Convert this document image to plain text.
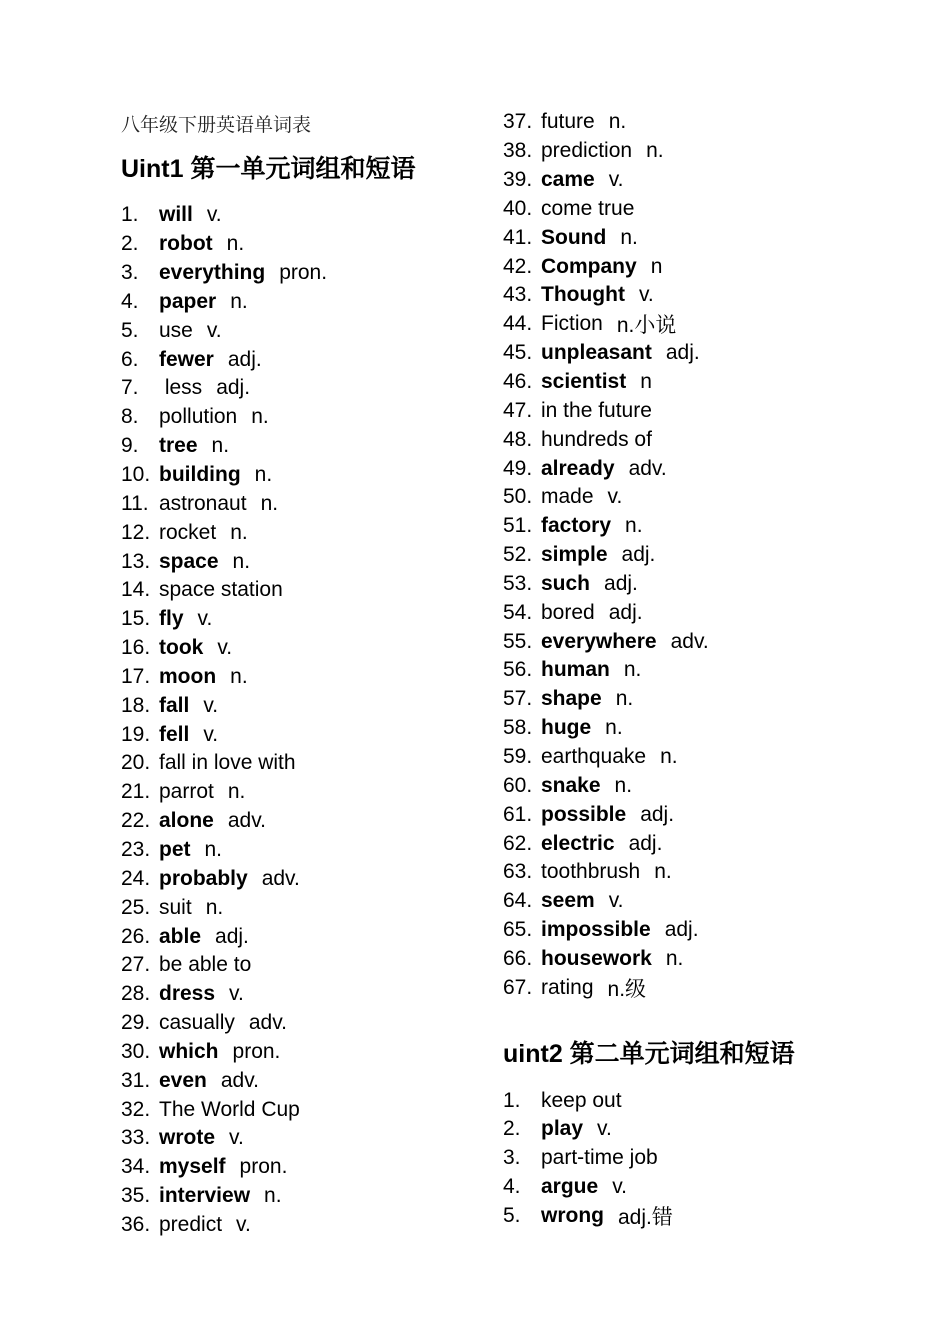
八年级下册英语单词表
Uint1 第一单元词组和短语
1. will v.
2. robot n.
3. everything pron.
4. paper n.
5. use v.
6. fewer adj.
7. less adj.
8. pollution n.
9. tree n.
10. building n.
11. astronaut n.
12. rocket n.
13. space n.
14. space station
15. fly v.
16. took v.
17. moon n.
18. fall v.
19. fell v.
20. fall in love with
21. parrot n.
22. alone adv.
23. pet n.
24. probably adv.
25. suit n.
26. able adj.
27. be able to
28. dress v.
29. casually adv.
30. which pron.
31. even adv.
32. The World Cup
33. wrote v.
34. myself pron.
35. interview n.
36. predict v.
37. future n.
38. prediction n.
39. came v.
40. come true
41. Sound n.
42. Company n
43. Thought v.
44. Fiction n.小说
45. unpleasant adj.
46. scientist n
47. in the future
48. hundreds of
49. already adv.
50. made v.
51. factory n.
52. simple adj.
53. such adj.
54. bored adj.
55. everywhere adv.
56. human n.
57. shape n.
58. huge n.
59. earthquake n.
60. snake n.
61. possible adj.
62. electric adj.
63. toothbrush n.
64. seem v.
65. impossible adj.
66. housework n.
67. rating n.级
uint2 第二单元词组和短语
1. keep out
2. play v.
3. part-time job
4. argue v.
5. wrong adj.错
